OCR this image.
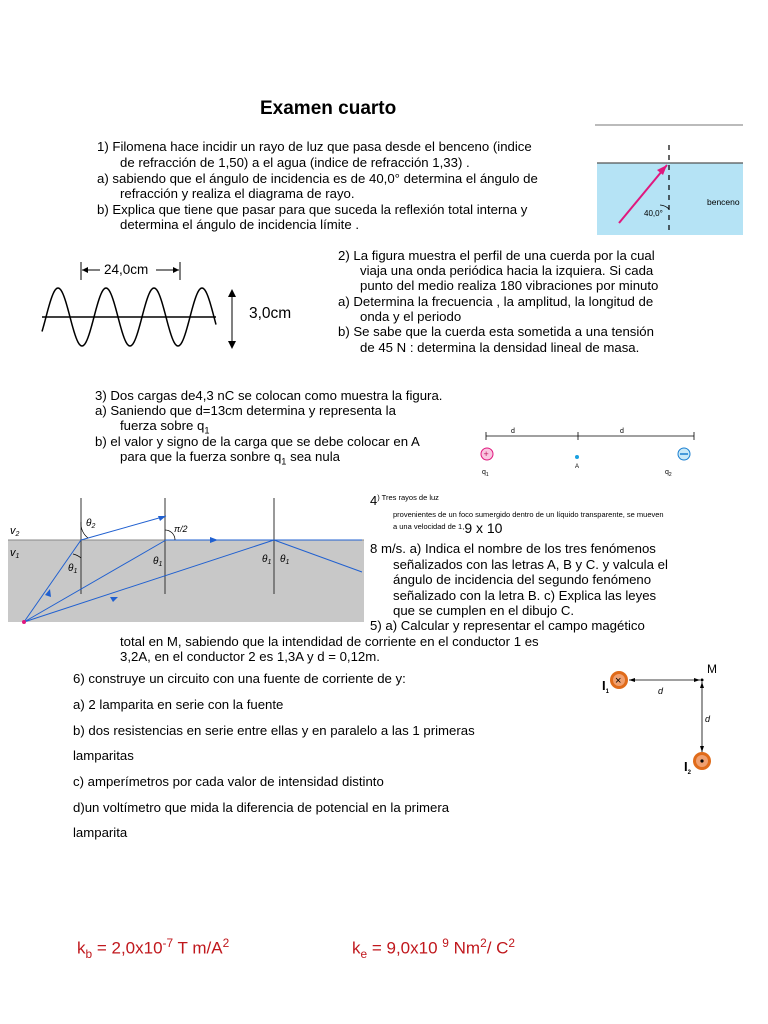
Examen cuarto
1) Filomena hace incidir un rayo de luz que pasa desde el benceno (indice
de refracción de 1,50) a el agua (indice de refracción 1,33) .
a) sabiendo que el ángulo de incidencia es de 40,0° determina el ángulo de
refracción y realiza el diagrama de rayo.
b) Explica que tiene que pasar para que suceda la reflexión total interna y
determina el ángulo de incidencia límite .
40,0°
benceno
24,0cm
3,0cm
2) La figura muestra el perfil de una cuerda por la cual
viaja una onda periódica hacia la izquiera. Si cada
punto del medio realiza 180 vibraciones por minuto
a) Determina la frecuencia , la amplitud, la longitud de
onda y el periodo
b) Se sabe que la cuerda esta sometida a una tensión
de 45 N : determina la densidad lineal de masa.
3) Dos cargas de4,3 nC se colocan como muestra la figura.
a) Saniendo que d=13cm determina y representa la
fuerza sobre $q_1$
b) el valor y signo de la carga que se debe colocar en A
para que la fuerza sonbre $q_1$ sea nula
d	d
+
$q_1$
A
$q_2$
v2
v1
$\theta_2$
$\theta_1$
$\theta_1$
π/2
$\theta_1$ $\theta_1$
$4^{) Tres rayos de luz}$
provenientes de un foco sumergido dentro de un líquido transparente, se mueven
$^{a una velocidad de 1,}$9 x 10
8 m/s. a) Indica el nombre de los tres fenómenos
señalizados con las letras A, B y C. y valcula el
ángulo de incidencia del segundo fenómeno
señalizado con la letra B. c) Explica las leyes
que se cumplen en el dibujo C.
5) a) Calcular y representar el campo magético
total en M, sabiendo que la intendidad de corriente en el conductor 1 es
3,2A, en el conductor 2 es 1,3A y d = 0,12m.
×
$I_1$	d
M
d
$I_2$
6) construye un circuito con una fuente de corriente de y:
a) 2 lamparita en serie con la fuente
b) dos resistencias en serie entre ellas y en paralelo a las 1 primeras
lamparitas
c) amperímetros por cada valor de intensidad distinto
d)un voltímetro que mida la diferencia de potencial en la primera
lamparita
$k_b = 2,0x10^{-7}$ T $m/A^2$	$k_e = 9,0x10$ $^9$ Nm$^2$/ $C^2$
